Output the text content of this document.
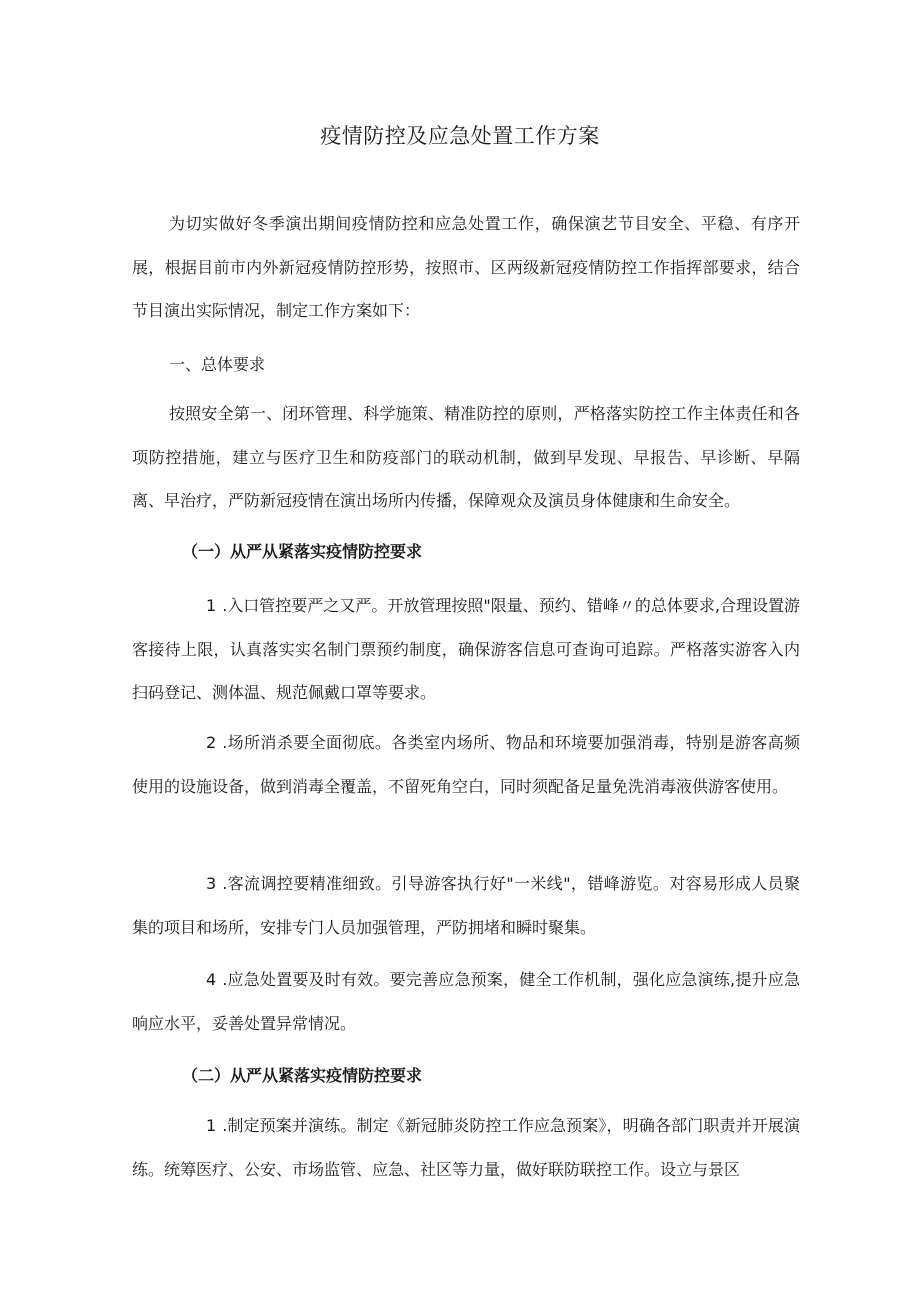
疫情防控及应急处置工作方案

为切实做好冬季演出期间疫情防控和应急处置工作，确保演艺节目安全、平稳、有序开展，根据目前市内外新冠疫情防控形势，按照市、区两级新冠疫情防控工作指挥部要求，结合节目演出实际情况，制定工作方案如下：

一、总体要求

按照安全第一、闭环管理、科学施策、精准防控的原则，严格落实防控工作主体责任和各项防控措施，建立与医疗卫生和防疫部门的联动机制，做到早发现、早报告、早诊断、早隔离、早治疗，严防新冠疫情在演出场所内传播，保障观众及演员身体健康和生命安全。

（一）从严从紧落实疫情防控要求

1 .入口管控要严之又严。开放管理按照"限量、预约、错峰〃的总体要求,合理设置游客接待上限，认真落实实名制门票预约制度，确保游客信息可查询可追踪。严格落实游客入内扫码登记、测体温、规范佩戴口罩等要求。

2 .场所消杀要全面彻底。各类室内场所、物品和环境要加强消毒，特别是游客高频使用的设施设备，做到消毒全覆盖，不留死角空白，同时须配备足量免洗消毒液供游客使用。

3 .客流调控要精准细致。引导游客执行好"一米线"，错峰游览。对容易形成人员聚集的项目和场所，安排专门人员加强管理，严防拥堵和瞬时聚集。

4 .应急处置要及时有效。要完善应急预案，健全工作机制，强化应急演练,提升应急响应水平，妥善处置异常情况。

（二）从严从紧落实疫情防控要求

1 .制定预案并演练。制定《新冠肺炎防控工作应急预案》，明确各部门职责并开展演练。统筹医疗、公安、市场监管、应急、社区等力量，做好联防联控工作。设立与景区
